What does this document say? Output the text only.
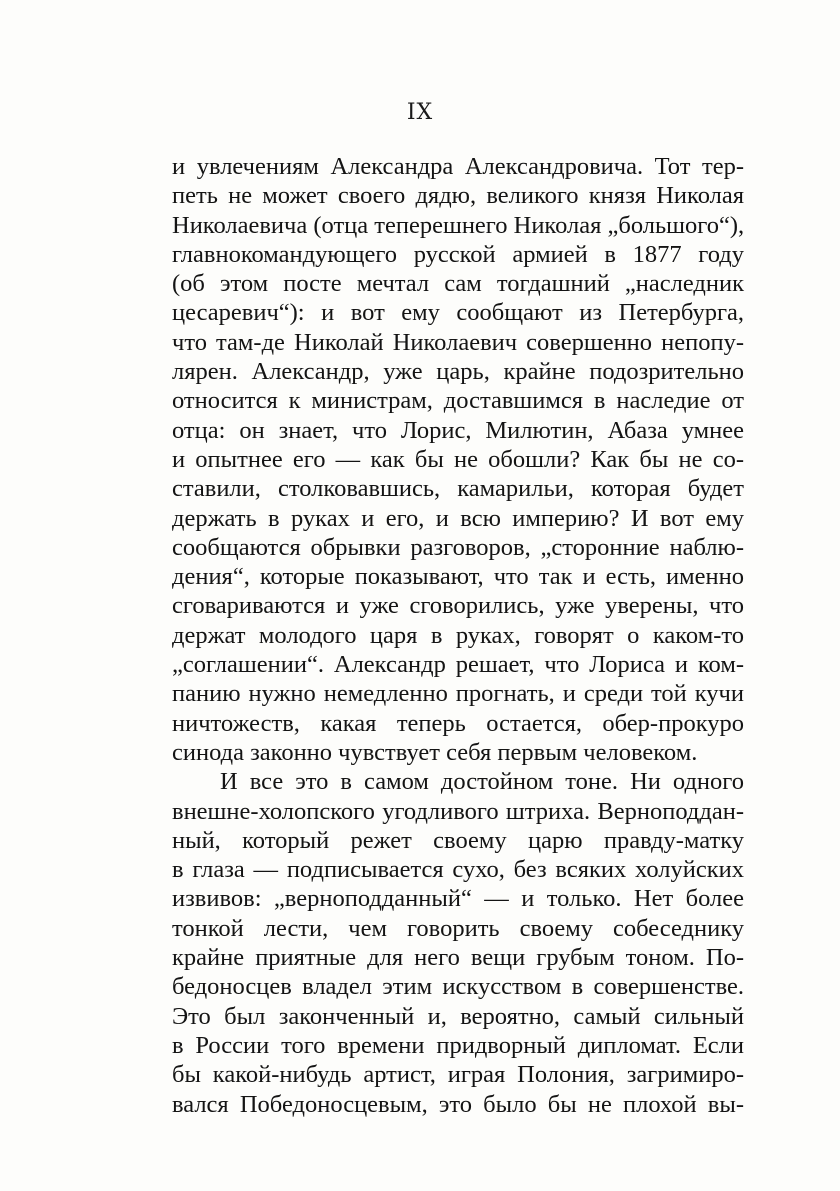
IX
и увлечениям Александра Александровича. Тот тер-
петь не может своего дядю, великого князя Николая
Николаевича (отца теперешнего Николая „большого“),
главнокомандующего русской армией в 1877 году
(об этом посте мечтал сам тогдашний „наследник
цесаревич“): и вот ему сообщают из Петербурга,
что там-де Николай Николаевич совершенно непопу-
лярен. Александр, уже царь, крайне подозрительно
относится к министрам, доставшимся в наследие от
отца: он знает, что Лорис, Милютин, Абаза умнее
и опытнее его — как бы не обошли? Как бы не со-
ставили, столковавшись, камарильи, которая будет
держать в руках и его, и всю империю? И вот ему
сообщаются обрывки разговоров, „сторонние наблю-
дения“, которые показывают, что так и есть, именно
сговариваются и уже сговорились, уже уверены, что
держат молодого царя в руках, говорят о каком-то
„соглашении“. Александр решает, что Лориса и ком-
панию нужно немедленно прогнать, и среди той кучи
ничтожеств, какая теперь остается, обер-прокуро
синода законно чувствует себя первым человеком.
И все это в самом достойном тоне. Ни одного
внешне-холопского угодливого штриха. Верноподдан-
ный, который режет своему царю правду-матку
в глаза — подписывается сухо, без всяких холуйских
извивов: „верноподданный“ — и только. Нет более
тонкой лести, чем говорить своему собеседнику
крайне приятные для него вещи грубым тоном. По-
бедоносцев владел этим искусством в совершенстве.
Это был законченный и, вероятно, самый сильный
в России того времени придворный дипломат. Если
бы какой-нибудь артист, играя Полония, загримиро-
вался Победоносцевым, это было бы не плохой вы-
